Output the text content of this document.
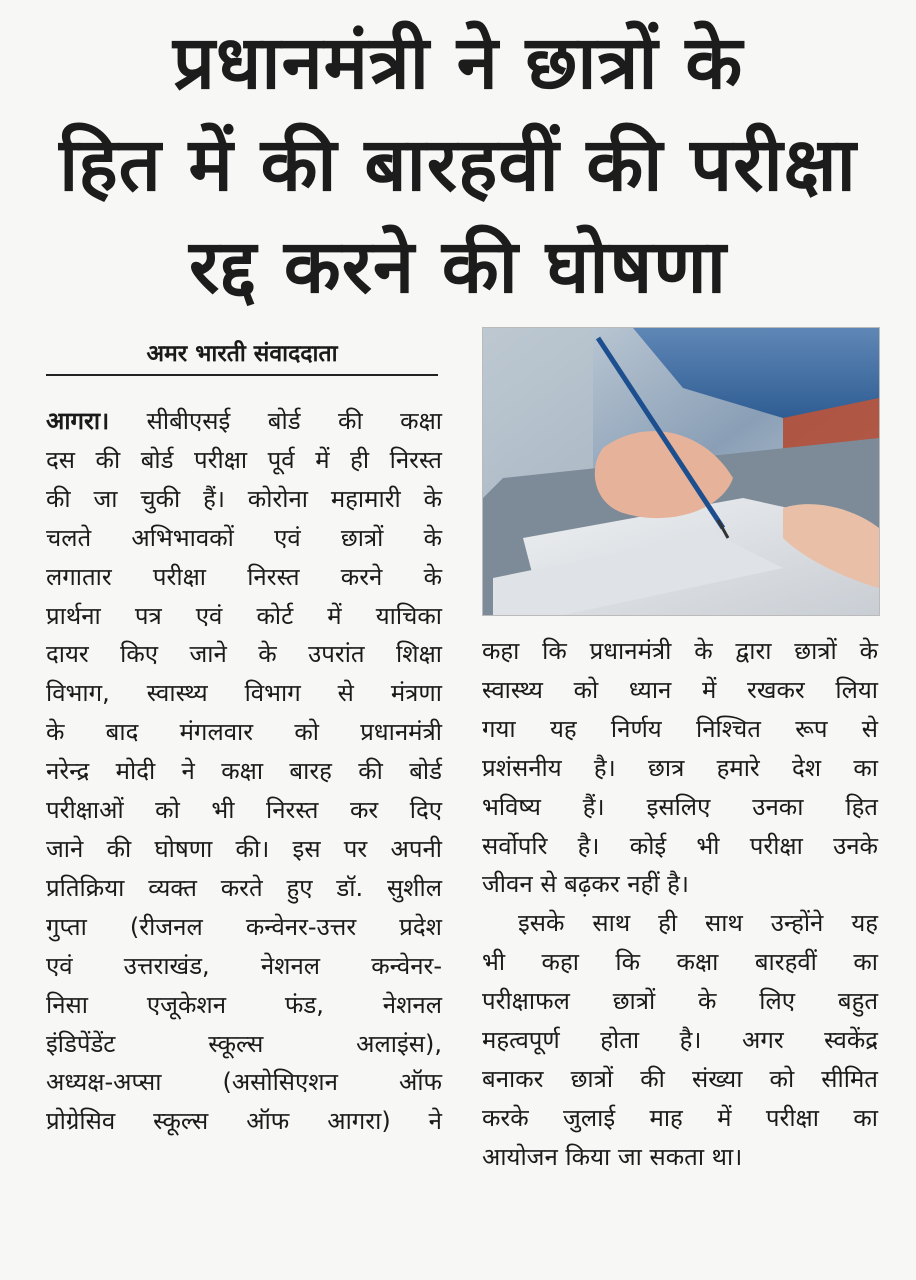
प्रधानमंत्री ने छात्रों के
हित में की बारहवीं की परीक्षा
रद्द करने की घोषणा
अमर भारती संवाददाता
आगरा। सीबीएसई बोर्ड की कक्षा
दस की बोर्ड परीक्षा पूर्व में ही निरस्त
की जा चुकी हैं। कोरोना महामारी के
चलते अभिभावकों एवं छात्रों के
लगातार परीक्षा निरस्त करने के
प्रार्थना पत्र एवं कोर्ट में याचिका
दायर किए जाने के उपरांत शिक्षा
विभाग, स्वास्थ्य विभाग से मंत्रणा
के बाद मंगलवार को प्रधानमंत्री
नरेन्द्र मोदी ने कक्षा बारह की बोर्ड
परीक्षाओं को भी निरस्त कर दिए
जाने की घोषणा की। इस पर अपनी
प्रतिक्रिया व्यक्त करते हुए डॉ. सुशील
गुप्ता (रीजनल कन्वेनर-उत्तर प्रदेश
एवं उत्तराखंड, नेशनल कन्वेनर-
निसा एजूकेशन फंड, नेशनल
इंडिपेंडेंट स्कूल्स अलाइंस),
अध्यक्ष-अप्सा (असोसिएशन ऑफ
प्रोग्रेसिव स्कूल्स ऑफ आगरा) ने
कहा कि प्रधानमंत्री के द्वारा छात्रों के
स्वास्थ्य को ध्यान में रखकर लिया
गया यह निर्णय निश्चित रूप से
प्रशंसनीय है। छात्र हमारे देश का
भविष्य हैं। इसलिए उनका हित
सर्वोपरि है। कोई भी परीक्षा उनके
जीवन से बढ़कर नहीं है।
इसके साथ ही साथ उन्होंने यह
भी कहा कि कक्षा बारहवीं का
परीक्षाफल छात्रों के लिए बहुत
महत्वपूर्ण होता है। अगर स्वकेंद्र
बनाकर छात्रों की संख्या को सीमित
करके जुलाई माह में परीक्षा का
आयोजन किया जा सकता था।
